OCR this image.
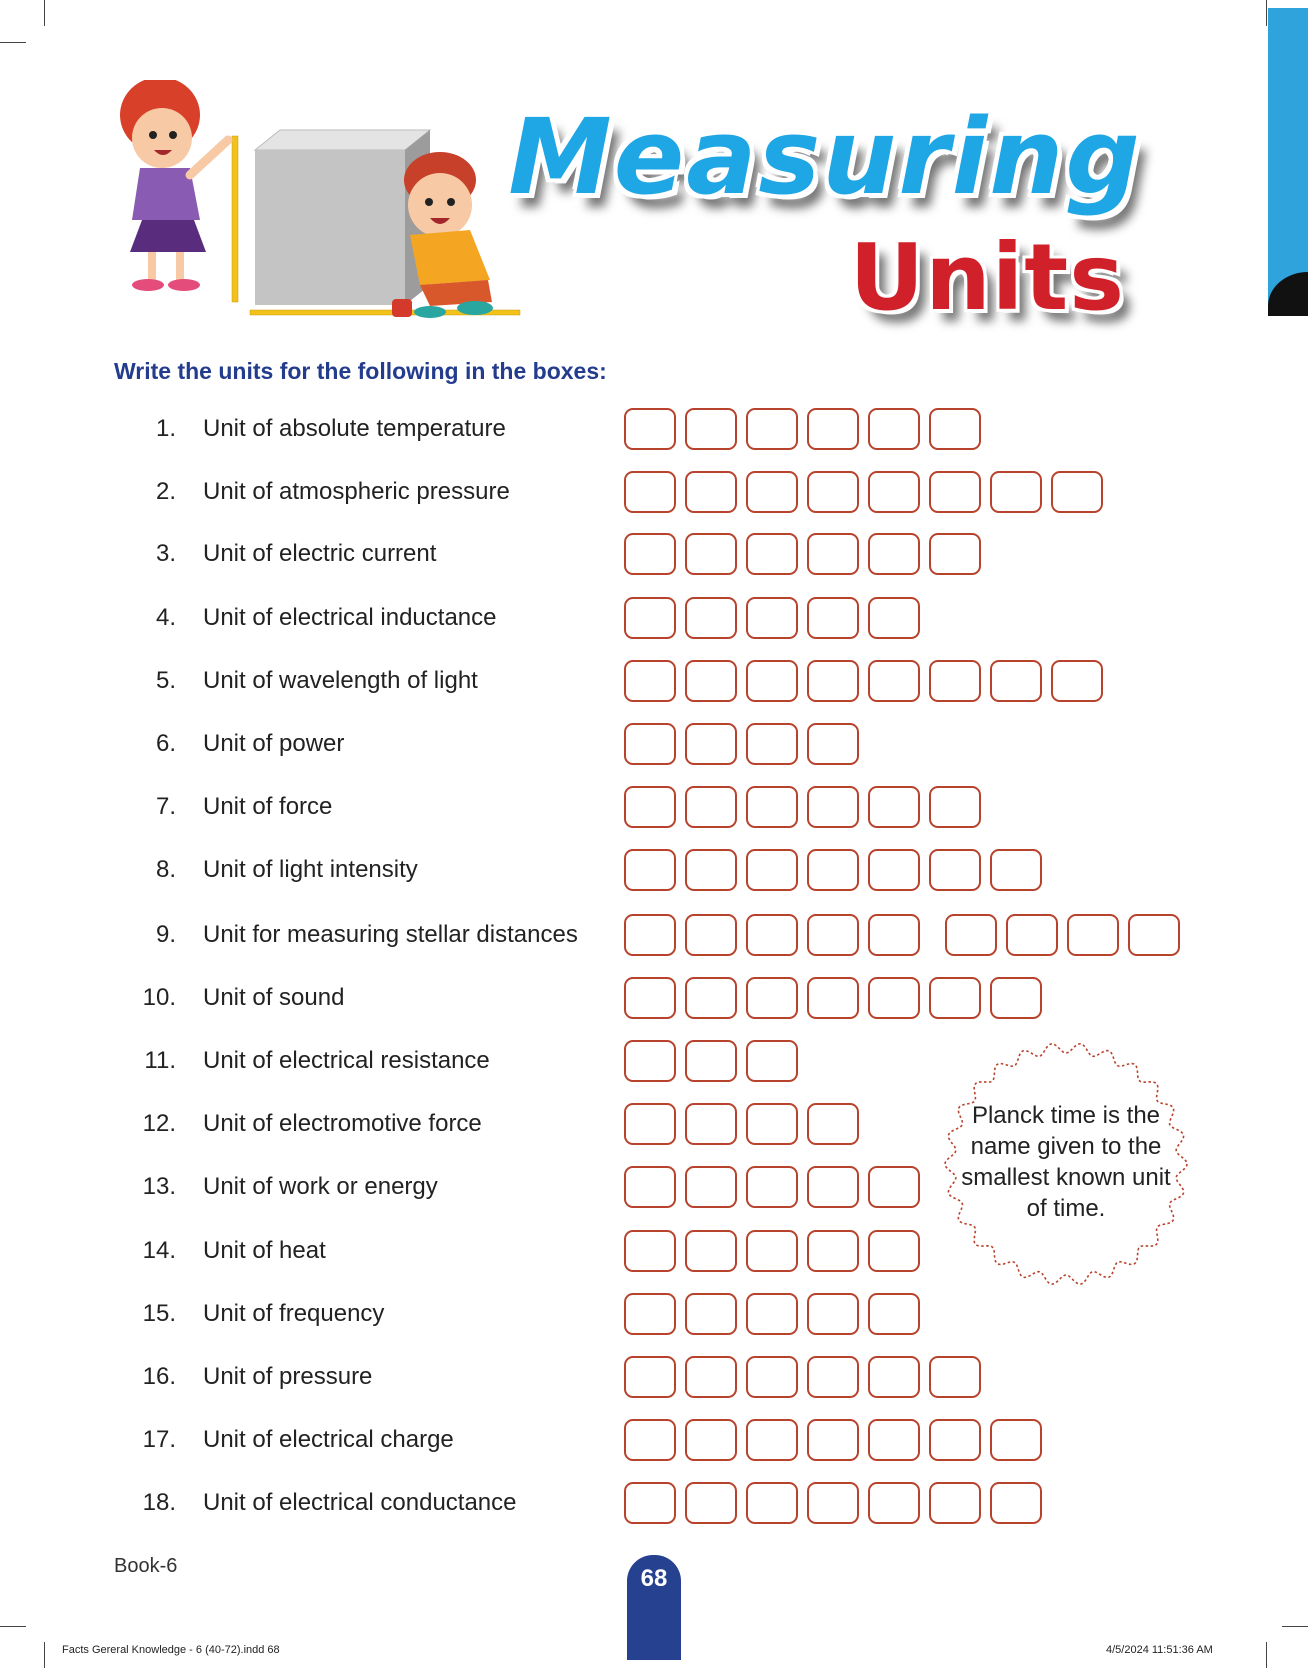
Measuring
Units
Write the units for the following in the boxes:
1. Unit of absolute temperature
2. Unit of atmospheric pressure
3. Unit of electric current
4. Unit of electrical inductance
5. Unit of wavelength of light
6. Unit of power
7. Unit of force
8. Unit of light intensity
9. Unit for measuring stellar distances
10. Unit of sound
11. Unit of electrical resistance
12. Unit of electromotive force
13. Unit of work or energy
14. Unit of heat
15. Unit of frequency
16. Unit of pressure
17. Unit of electrical charge
18. Unit of electrical conductance
Planck time is the name given to the smallest known unit of time.
Book-6	68
Facts Gereral Knowledge - 6 (40-72).indd 68	4/5/2024 11:51:36 AM
